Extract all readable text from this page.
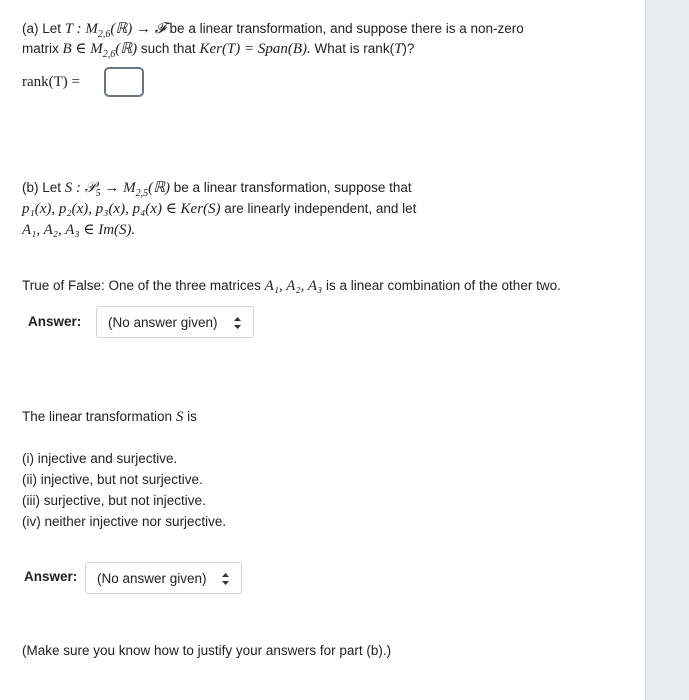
(a) Let T : $M_{2,6}(ℝ)$ → 𝓕 be a linear transformation, and suppose there is a non-zero
matrix B ∈ $M_{2,6}(ℝ)$ such that Ker(T) = Span(B). What is rank(T)?
rank(T) =
(b) Let S : 𝒫$_5$ → $M_{2,5}(ℝ)$ be a linear transformation, suppose that
p₁(x), p₂(x), p₃(x), p₄(x) ∈ Ker(S) are linearly independent, and let
A₁, A₂, A₃ ∈ Im(S).
True of False: One of the three matrices A₁, A₂, A₃ is a linear combination of the other two.
Answer: (No answer given)
The linear transformation S is
(i) injective and surjective.
(ii) injective, but not surjective.
(iii) surjective, but not injective.
(iv) neither injective nor surjective.
Answer: (No answer given)
(Make sure you know how to justify your answers for part (b).)
